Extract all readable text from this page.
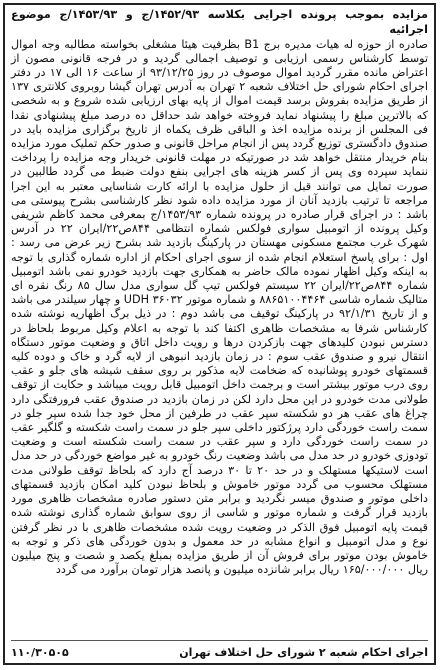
مزایده بموجب پرونده اجرایی بکلاسه ۱۴۵۲/۹۳/ج و ۱۴۵۳/۹۳/ج موضوع اجرائیه

صادره از حوزه له هیات مدیره برج B1 بظرفیت هیئا مشغلی بخواسته مطالبه وجه اموال توسط کارشناس رسمی ارزیابی و توصیف اجمالی گردید و در فرجه قانونی مصون از اعتراض مانده مقرر گردید اموال موصوف در روز ۹۳/۱۲/۲۵ از ساعت ۱۶ الی ۱۷ در دفتر اجرای احکام شورای حل اختلاف شعبه ۲ تهران به آدرس تهران گیشا روبروی کلانتری ۱۳۷ از طریق مزایده بفروش برسد قیمت اموال از پایه بهای ارزیابی شده شروع و به شخصی که بالاترین مبلغ را پیشنهاد نماید فروخته خواهد شد حداقل ده درصد مبلغ پیشنهادی نقدا فی المجلس از برنده مزایده اخذ و الباقی ظرف یکماه از تاریخ برگزاری مزایده باید در صندوق دادگستری توزیع گردد پس از انجام مراحل قانونی و صدور حکم تملیک مورد مزایده بنام خریدار منتقل خواهد شد در صورتیکه در مهلت قانونی خریدار وجه مزایده را پرداخت ننماید سپرده وی پس از کسر هزینه های اجرایی بنفع دولت ضبط می گردد طالبین در صورت تمایل می توانند قبل از حلول مزایده با ارائه کارت شناسایی معتبر به این اجرا مراجعه تا ترتیب بازدید آنان از مورد مزایده داده شود نظر کارشناسی بشرح پیوستی می باشد : در اجرای قرار صادره در پرونده شماره ۱۴۵۳/۹۳/ج بمعرفی محمد کاظم شریفی وکیل پرونده از اتومبیل سواری فولکس شماره انتظامی ۸۴۴ص۲۲/ایران ۲۲ در آدرس شهرک غرب مجتمع مسکونی مهستان در پارکینگ بازدید شد بشرح زیر عرض می رسد : اول : برای پاسخ استعلام انجام شده از سوی اجرای احکام از اداره شماره گذاری با توجه به اینکه وکیل اظهار نموده مالک حاضر به همکاری جهت بازدید خودرو نمی باشد اتومبیل شماره ۸۴۴ص۲۲/ایران ۲۲ سیستم فولکس تیپ گل سواری مدل سال ۸۵ رنگ نقره ای متالیک شماره شاسی ۸۸۶۵۱۰۰۴۴۶۴ و شماره موتور UDH ۳۶۰۳۲ و چهار سیلندر می باشد و از تاریخ ۹۲/۱/۳۱ در پارکینگ توقیف می باشد دوم : در ذیل برگ اظهاریه نوشته شده کارشناس شرفا به مشخصات ظاهری اکتفا کند با توجه به اعلام وکیل مربوط بلحاظ در دسترس نبودن کلیدهای جهت بازکردن درها و رویت داخل اتاق و وضعیت موتور دستگاه انتقال نیرو و صندوق عقب سوم : در زمان بازدید انبوهی از لایه گرد و خاک و دوده کلیه قسمتهای خودرو پوشانیده که ضخامت لایه مذکور بر روی سقف شیشه های جلو و عقب روی درب موتور بیشتر است و برجمت داخل اتومبیل قابل رویت میباشد و حکایت از توقف طولانی مدت خودرو در این محل دارد لکن در زمان بازدید در صندوق عقب فرورفتگی دارد چراغ های عقب هر دو شکسته سپر عقب در طرفین از محل خود جدا شده سپر جلو در سمت راست خوردگی دارد پرژکتور داخلی سپر جلو در سمت راست شکسته و گلگیر عقب در سمت راست خوردگی دارد و سپر عقب در سمت راست شکسته است و وضعیت تودوزی خودرو در حد مدل می باشد وضعیت رنگ خودرو به غیر مواضع خوردگی در حد مدل است لاستیکها مستهلک و در حد ۲۰ تا ۳۰ درصد آج دارد که بلحاظ توقف طولانی مدت مستهلک محسوب می گردد موتور خاموش و بلحاظ نبودن کلید امکان بازدید قسمتهای داخلی موتور و صندوق میسر نگردید و برابر متن دستور صادره مشخصات ظاهری مورد بازدید قرار گرفت و شماره موتور و شاسی از روی سوابق شماره گذاری نوشته شده قیمت پایه اتومبیل فوق الذکر در وضعیت رویت شده مشخصات ظاهری با در نظر گرفتن نوع و مدل اتومبیل و انواع مشابه در حد معمول و بدون خوردگی های ذکر و توجه به خاموش بودن موتور برای فروش آن از طریق مزایده بمبلغ یکصد و شصت و پنج میلیون ریال ۱۶۵/۰۰۰/۰۰۰ ریال برابر شانزده میلیون و پانصد هزار تومان برآورد می گردد

اجرای احکام شعبه ۲ شورای حل اختلاف تهران
۱۱۰/۳۰۵۰۵
